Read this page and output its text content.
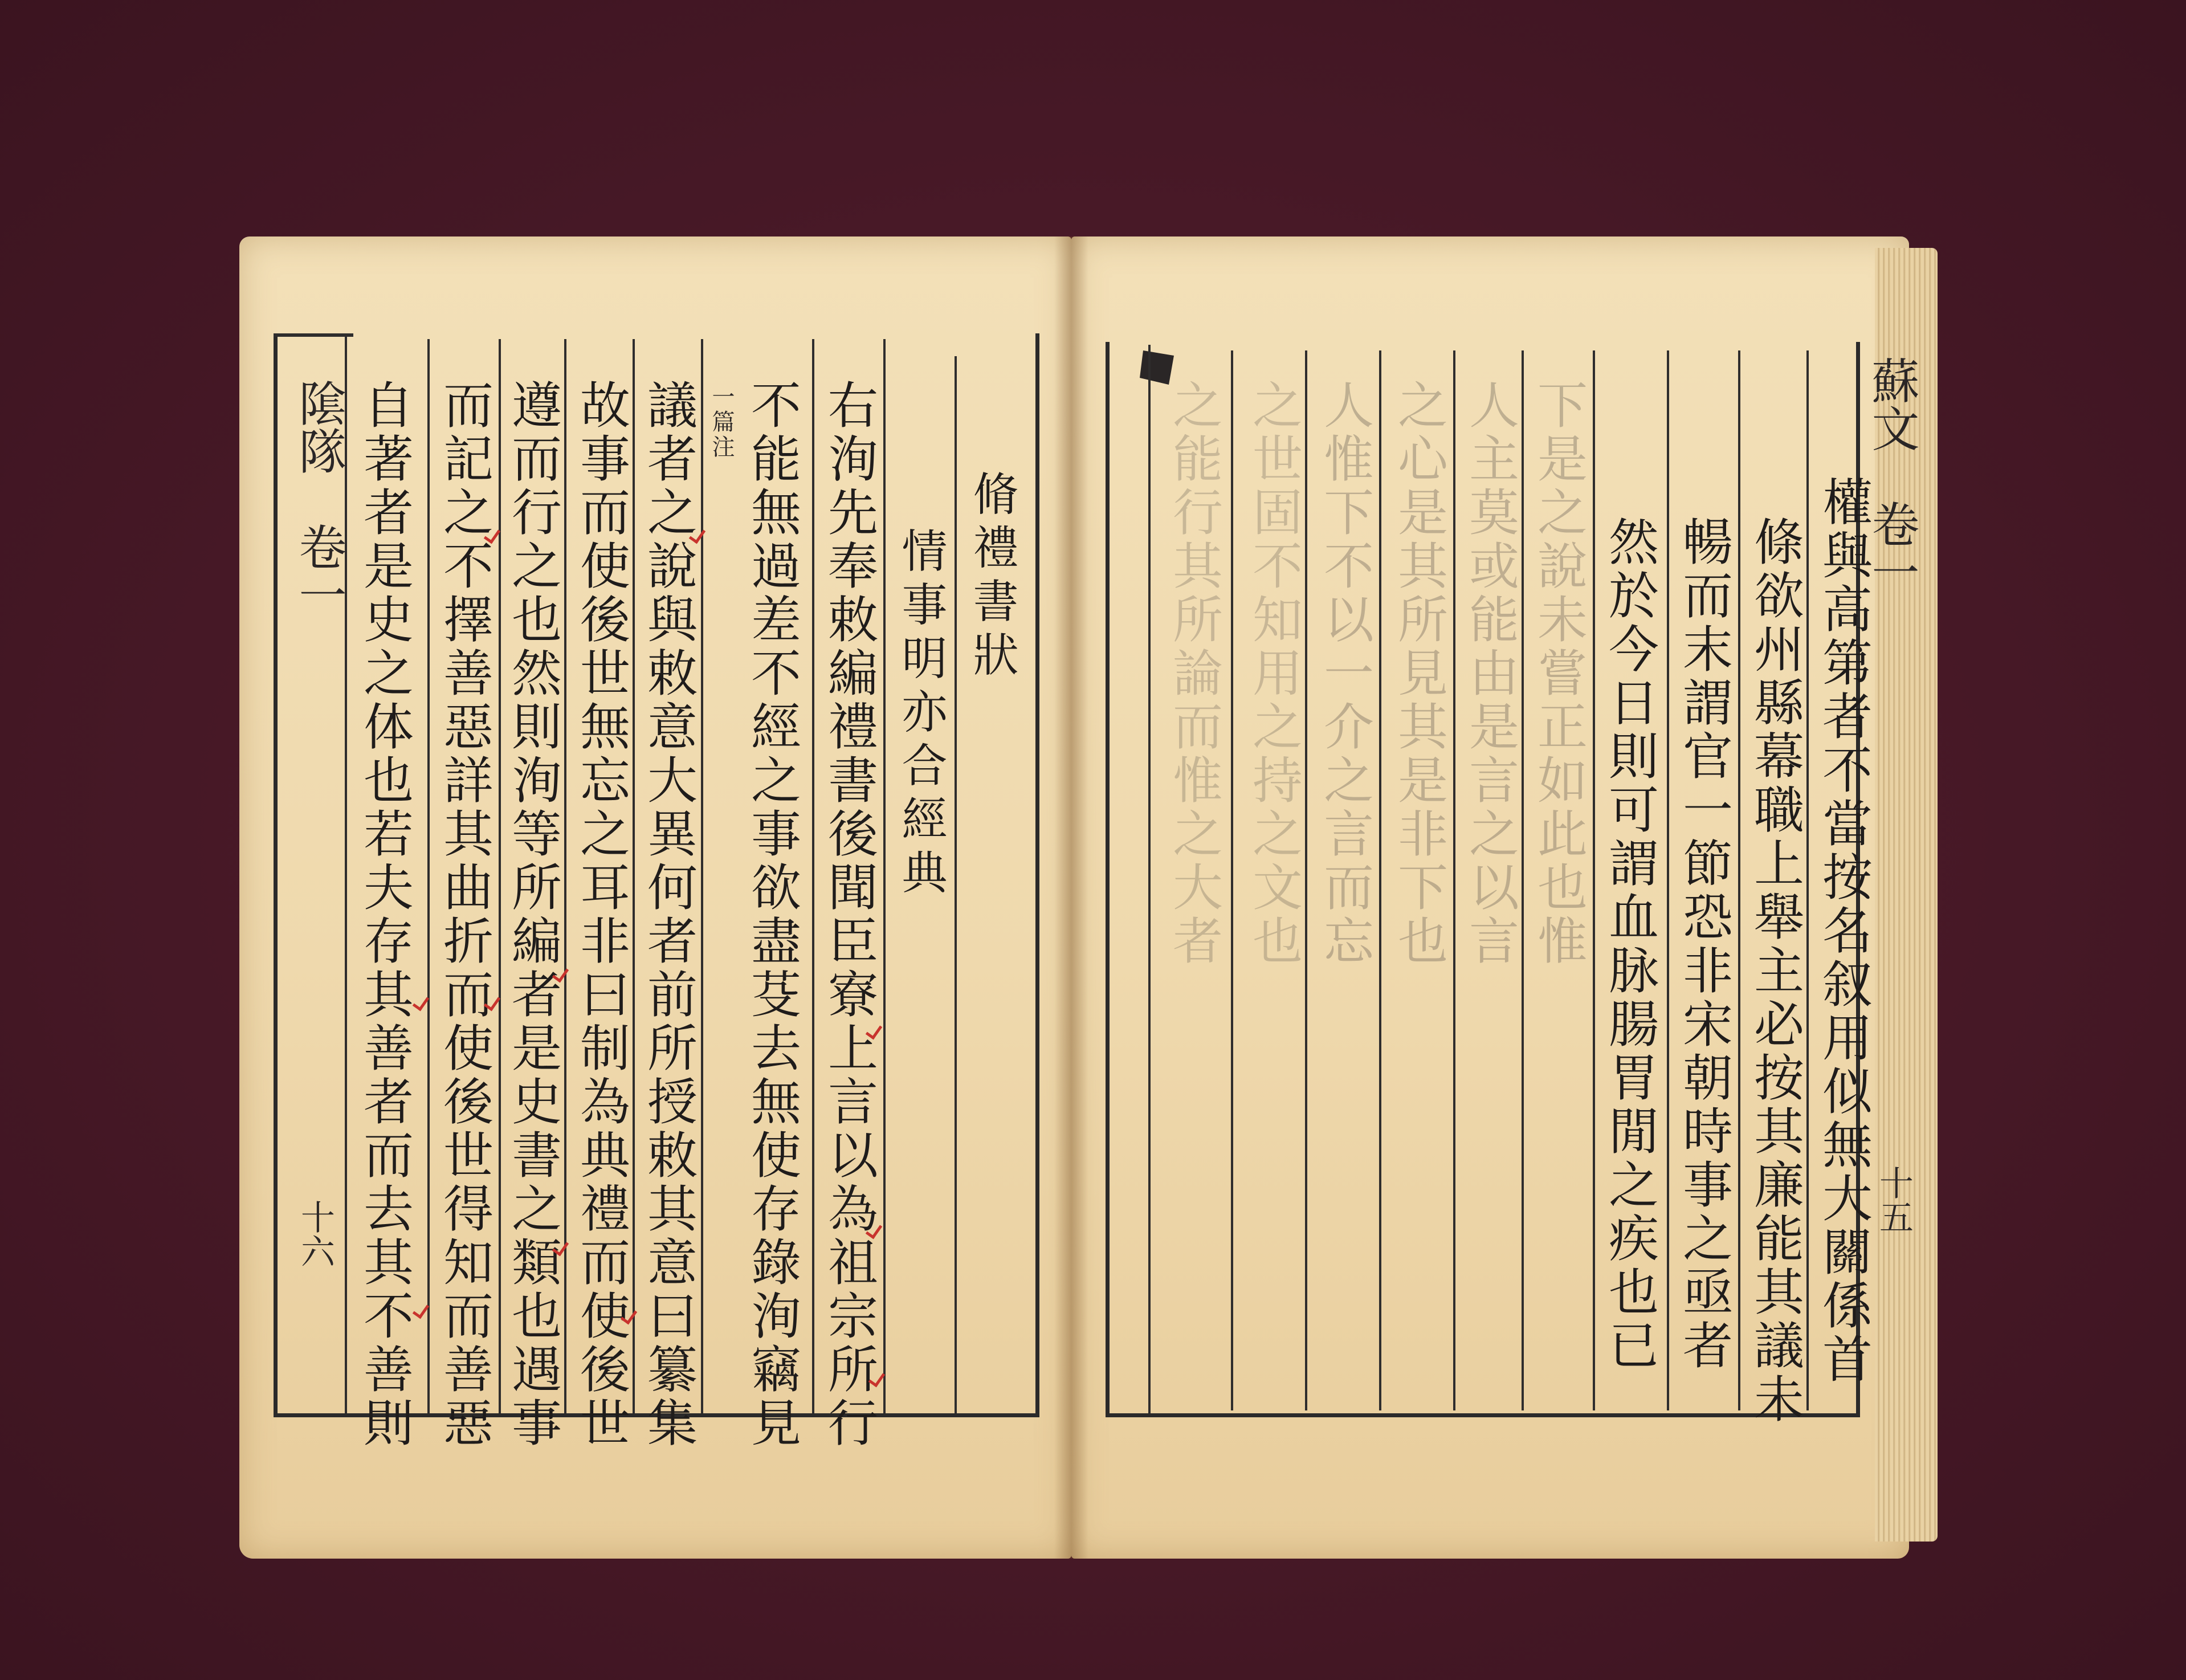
隂隊　卷一
十六 自著者是史之体也若夫存其善者而去其不善則 而記之不擇善惡詳其曲折而使後世得知而善惡 遵而行之也然則洵等所編者是史書之類也遇事 故事而使後世無忘之耳非曰制為典禮而使後世 議者之說與敕意大異何者前所授敕其意曰纂集 一篇注 不能無過差不經之事欲盡芟去無使存錄洵竊見 右洵先奉敕編禮書後聞臣寮上言以為祖宗所行 情事明亦合經典 脩禮書狀	之能行其所論而惟之大者 之世固不知用之持之文也 人惟下不以一介之言而忘 之心是其所見其是非下也 人主莫或能由是言之以言 下是之說未嘗正如此也惟 然於今日則可謂血脉腸胃閒之疾也已 暢而末謂官一節恐非宋朝時事之亟者 條欲州縣幕職上舉主必按其廉能其議未 權與高第者不當按名叙用似無大關係首
蘇文　卷一
十五
